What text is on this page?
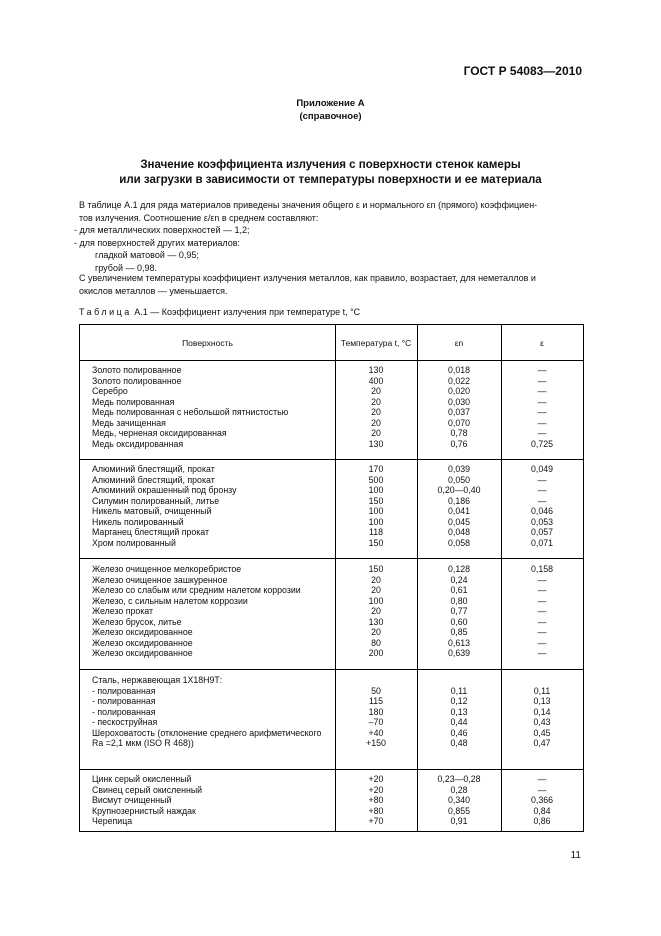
ГОСТ Р 54083—2010
Приложение А
(справочное)
Значение коэффициента излучения с поверхности стенок камеры
или загрузки в зависимости от температуры поверхности и ее материала
В таблице А.1 для ряда материалов приведены значения общего ε и нормального εn (прямого) коэффициен-
тов излучения. Соотношение ε/εn в среднем составляют:
- для металлических поверхностей — 1,2;
- для поверхностей других материалов:
гладкой матовой — 0,95;
грубой — 0,98.
С увеличением температуры коэффициент излучения металлов, как правило, возрастает, для неметаллов и
окислов металлов — уменьшается.
Таблица А.1 — Коэффициент излучения при температуре t, °С
Поверхность	Температура t, °С	εn	ε
Золото полированное	130	0,018	—
Золото полированное	400	0,022	—
Серебро	20	0,020	—
Медь полированная	20	0,030	—
Медь полированная с небольшой пятнистостью	20	0,037	—
Медь зачищенная	20	0,070	—
Медь, черненая оксидированная	20	0,78	—
Медь оксидированная	130	0,76	0,725
Алюминий блестящий, прокат	170	0,039	0,049
Алюминий блестящий, прокат	500	0,050	—
Алюминий окрашенный под бронзу	100	0,20—0,40	—
Силумин полированный, литье	150	0,186	—
Никель матовый, очищенный	100	0,041	0,046
Никель полированный	100	0,045	0,053
Марганец блестящий прокат	118	0,048	0,057
Хром полированный	150	0,058	0,071
Железо очищенное мелкоребристое	150	0,128	0,158
Железо очищенное зашкуренное	20	0,24	—
Железо со слабым или средним налетом коррозии	20	0,61	—
Железо, с сильным налетом коррозии	100	0,80	—
Железо прокат	20	0,77	—
Железо брусок, литье	130	0,60	—
Железо оксидированное	20	0,85	—
Железо оксидированное	80	0,613	—
Железо оксидированное	200	0,639	—
Сталь, нержавеющая 1Х18Н9Т:
- полированная	50	0,11	0,11
- полированная	115	0,12	0,13
- полированная	180	0,13	0,14
- пескоструйная	–70	0,44	0,43
Шероховатость (отклонение среднего арифметического	+40	0,46	0,45
Ra =2,1 мкм (ISO R 468))	+150	0,48	0,47
Цинк серый окисленный	+20	0,23—0,28	—
Свинец серый окисленный	+20	0,28	—
Висмут очищенный	+80	0,340	0,366
Крупнозернистый наждак	+80	0,855	0,84
Черепица	+70	0,91	0,86
11
